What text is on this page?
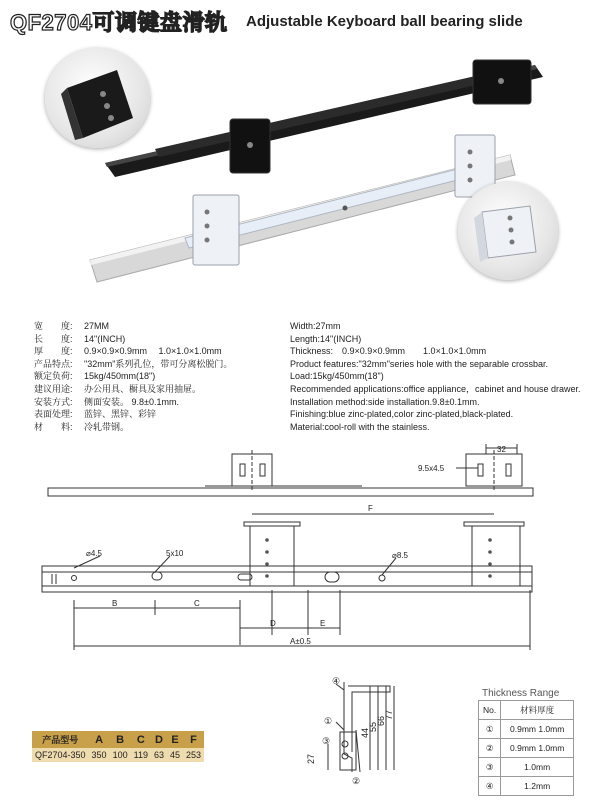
QF2704可调键盘滑轨 Adjustable Keyboard ball bearing slide
宽　　度: 27MM
长　　度: 14"(INCH)
厚　　度: 0.9×0.9×0.9mm　 1.0×1.0×1.0mm
产品特点: "32mm"系列孔位，带可分离松脱门。
额定负荷: 15kg/450mm(18")
建议用途: 办公用具、橱具及家用抽屉。
安装方式: 侧面安装。 9.8±0.1mm.
表面处理: 蓝锌、黑锌、彩锌
材　　料: 冷轧带钢。
Width:27mm
Length:14"(INCH)
Thickness:　0.9×0.9×0.9mm　　1.0×1.0×1.0mm
Product features:"32mm"series hole with the separable crossbar.
Load:15kg/450mm(18")
Recommended applications:office appliance，cabinet and house drawer.
Installation method:side installation.9.8±0.1mm.
Finishing:blue zinc-plated,color zinc-plated,black-plated.
Material:cool-roll with the stainless.
32
9.5x4.5
F
⌀4.5	5x10	⌀8.5
B	C
D	E
A±0.5
④
①
③
②
27
44
55
66
77
产品型号	A	B	C	D	E	F
QF2704-350	350	100	119	63	45	253
Thickness Range
No.	材料厚度
①	0.9mm 1.0mm
②	0.9mm 1.0mm
③	1.0mm
④	1.2mm
